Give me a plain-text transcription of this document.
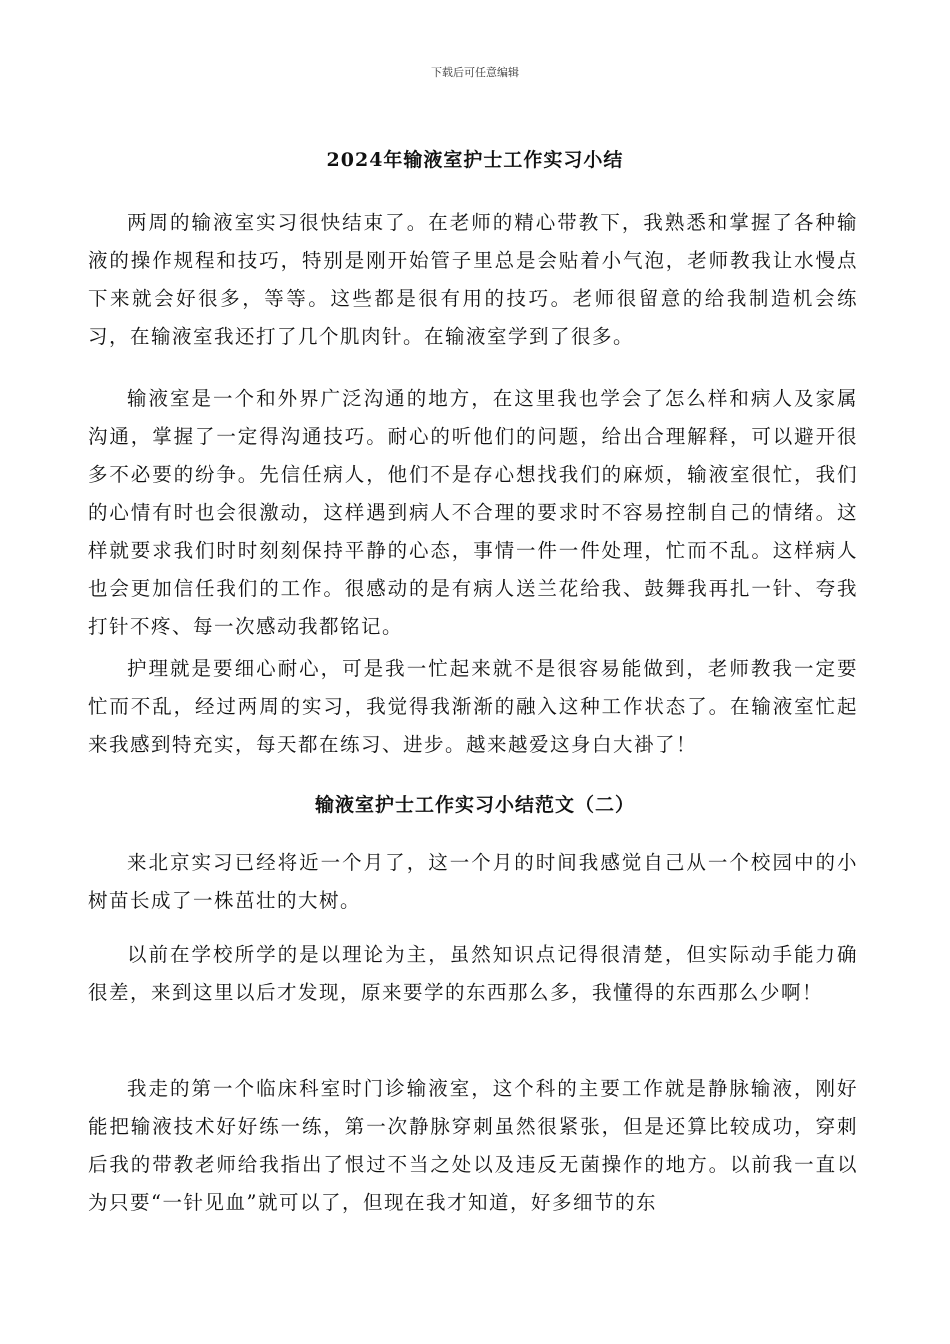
下载后可任意编辑
2024年输液室护士工作实习小结

两周的输液室实习很快结束了。在老师的精心带教下，我熟悉和掌握了各种输液的操作规程和技巧，特别是刚开始管子里总是会贴着小气泡，老师教我让水慢点下来就会好很多，等等。这些都是很有用的技巧。老师很留意的给我制造机会练习，在输液室我还打了几个肌肉针。在输液室学到了很多。

输液室是一个和外界广泛沟通的地方，在这里我也学会了怎么样和病人及家属沟通，掌握了一定得沟通技巧。耐心的听他们的问题，给出合理解释，可以避开很多不必要的纷争。先信任病人，他们不是存心想找我们的麻烦，输液室很忙，我们的心情有时也会很激动，这样遇到病人不合理的要求时不容易控制自己的情绪。这样就要求我们时时刻刻保持平静的心态，事情一件一件处理，忙而不乱。这样病人也会更加信任我们的工作。很感动的是有病人送兰花给我、鼓舞我再扎一针、夸我打针不疼、每一次感动我都铭记。

护理就是要细心耐心，可是我一忙起来就不是很容易能做到，老师教我一定要忙而不乱，经过两周的实习，我觉得我渐渐的融入这种工作状态了。在输液室忙起来我感到特充实，每天都在练习、进步。越来越爱这身白大褂了！

输液室护士工作实习小结范文（二）

来北京实习已经将近一个月了，这一个月的时间我感觉自己从一个校园中的小树苗长成了一株茁壮的大树。

以前在学校所学的是以理论为主，虽然知识点记得很清楚，但实际动手能力确很差，来到这里以后才发现，原来要学的东西那么多，我懂得的东西那么少啊！

我走的第一个临床科室时门诊输液室，这个科的主要工作就是静脉输液，刚好能把输液技术好好练一练，第一次静脉穿刺虽然很紧张，但是还算比较成功，穿刺后我的带教老师给我指出了恨过不当之处以及违反无菌操作的地方。以前我一直以为只要“一针见血”就可以了，但现在我才知道，好多细节的东
